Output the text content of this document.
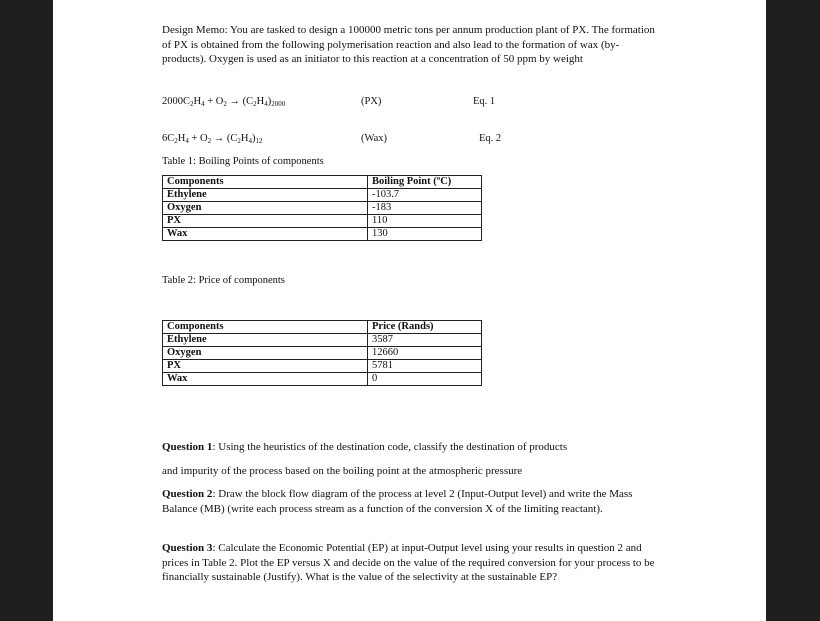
Design Memo: You are tasked to design a 100000 metric tons per annum production plant of PX. The formation of PX is obtained from the following polymerisation reaction and also lead to the formation of wax (by-products). Oxygen is used as an initiator to this reaction at a concentration of 50 ppm by weight
$2000C_2H_4 + O_2 \to (C_2H_4)_{2000}$	(PX)	Eq. 1
$6C_2H_4 + O_2 \to (C_2H_4)_{12}$	(Wax)	Eq. 2
Table 1: Boiling Points of components
Components	Boiling Point (ºC)
Ethylene	-103.7
Oxygen	-183
PX	110
Wax	130
Table 2: Price of components
Components	Price (Rands)
Ethylene	3587
Oxygen	12660
PX	5781
Wax	0
Question 1: Using the heuristics of the destination code, classify the destination of products
and impurity of the process based on the boiling point at the atmospheric pressure
Question 2: Draw the block flow diagram of the process at level 2 (Input-Output level) and write the Mass Balance (MB) (write each process stream as a function of the conversion X of the limiting reactant).
Question 3: Calculate the Economic Potential (EP) at input-Output level using your results in question 2 and prices in Table 2. Plot the EP versus X and decide on the value of the required conversion for your process to be financially sustainable (Justify). What is the value of the selectivity at the sustainable EP?
